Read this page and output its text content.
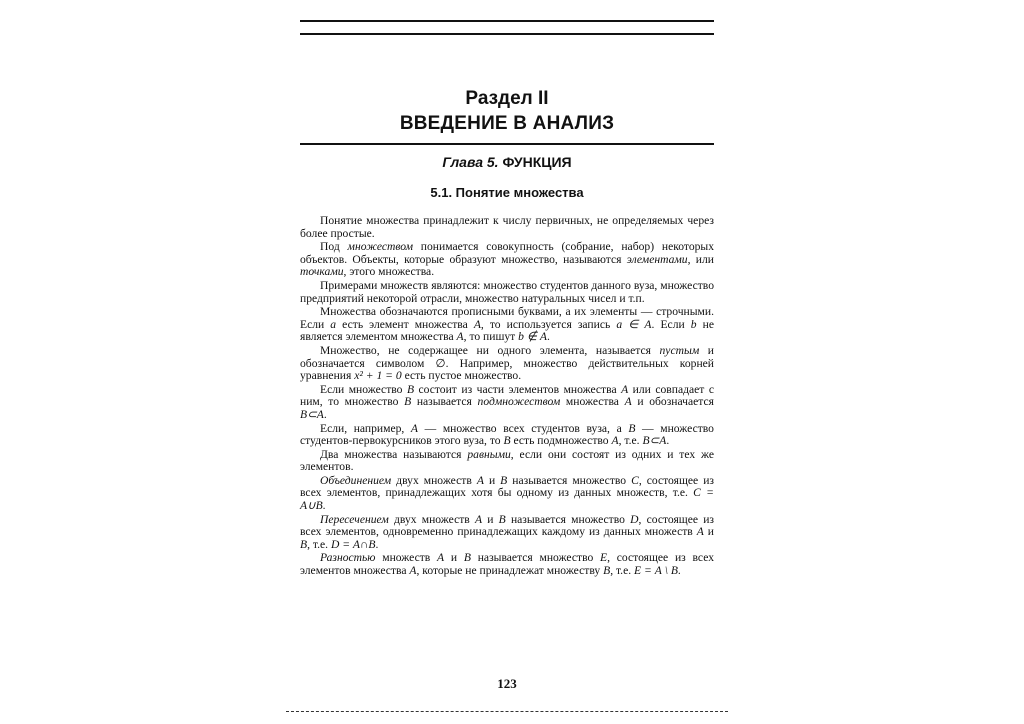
Раздел II
ВВЕДЕНИЕ В АНАЛИЗ
Глава 5. ФУНКЦИЯ
5.1. Понятие множества

Понятие множества принадлежит к числу первичных, не определяемых через более простые.

Под множеством понимается совокупность (собрание, набор) некоторых объектов. Объекты, которые образуют множество, называются элементами, или точками, этого множества.

Примерами множеств являются: множество студентов данного вуза, множество предприятий некоторой отрасли, множество натуральных чисел и т.п.

Множества обозначаются прописными буквами, а их элементы — строчными. Если а есть элемент множества А, то используется запись а ∈ А. Если b не является элементом множества А, то пишут b ∉ А.

Множество, не содержащее ни одного элемента, называется пустым и обозначается символом ∅. Например, множество действительных корней уравнения x² + 1 = 0 есть пустое множество.

Если множество В состоит из части элементов множества А или совпадает с ним, то множество В называется подмножеством множества А и обозначается В⊂А.

Если, например, А — множество всех студентов вуза, а В — множество студентов-первокурсников этого вуза, то В есть подмножество А, т.е. В⊂А.

Два множества называются равными, если они состоят из одних и тех же элементов.

Объединением двух множеств А и В называется множество С, состоящее из всех элементов, принадлежащих хотя бы одному из данных множеств, т.е. С = А∪В.

Пересечением двух множеств А и В называется множество D, состоящее из всех элементов, одновременно принадлежащих каждому из данных множеств А и В, т.е. D = А∩В.

Разностью множеств А и В называется множество Е, состоящее из всех элементов множества А, которые не принадлежат множеству В, т.е. Е = А \ В.

123
